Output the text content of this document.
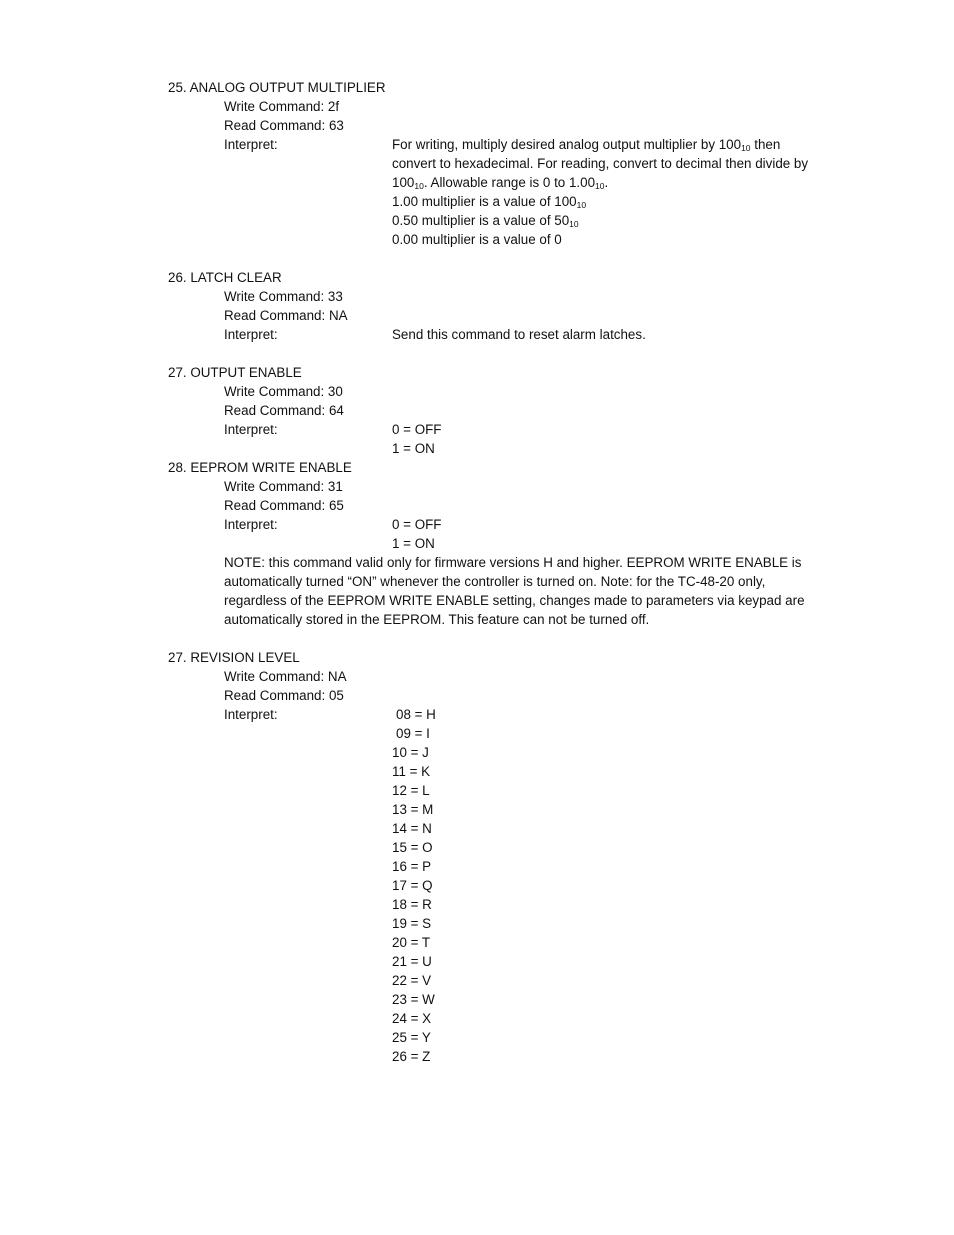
25. ANALOG OUTPUT MULTIPLIER
Write Command: 2f
Read Command: 63
Interpret:	For writing, multiply desired analog output multiplier by $100_{10}$ then
convert to hexadecimal. For reading, convert to decimal then divide by
$100_{10}$. Allowable range is 0 to $1.00_{10}$.
1.00 multiplier is a value of $100_{10}$
0.50 multiplier is a value of $50_{10}$
0.00 multiplier is a value of 0
26. LATCH CLEAR
Write Command: 33
Read Command: NA
Interpret:	Send this command to reset alarm latches.
27. OUTPUT ENABLE
Write Command: 30
Read Command: 64
Interpret:	0 = OFF
1 = ON
28. EEPROM WRITE ENABLE
Write Command: 31
Read Command: 65
Interpret:	0 = OFF
1 = ON
NOTE: this command valid only for firmware versions H and higher. EEPROM WRITE ENABLE is
automatically turned “ON” whenever the controller is turned on. Note: for the TC-48-20 only,
regardless of the EEPROM WRITE ENABLE setting, changes made to parameters via keypad are
automatically stored in the EEPROM. This feature can not be turned off.
27. REVISION LEVEL
Write Command: NA
Read Command: 05
Interpret:	08 = H
09 = I
10 = J
11 = K
12 = L
13 = M
14 = N
15 = O
16 = P
17 = Q
18 = R
19 = S
20 = T
21 = U
22 = V
23 = W
24 = X
25 = Y
26 = Z
